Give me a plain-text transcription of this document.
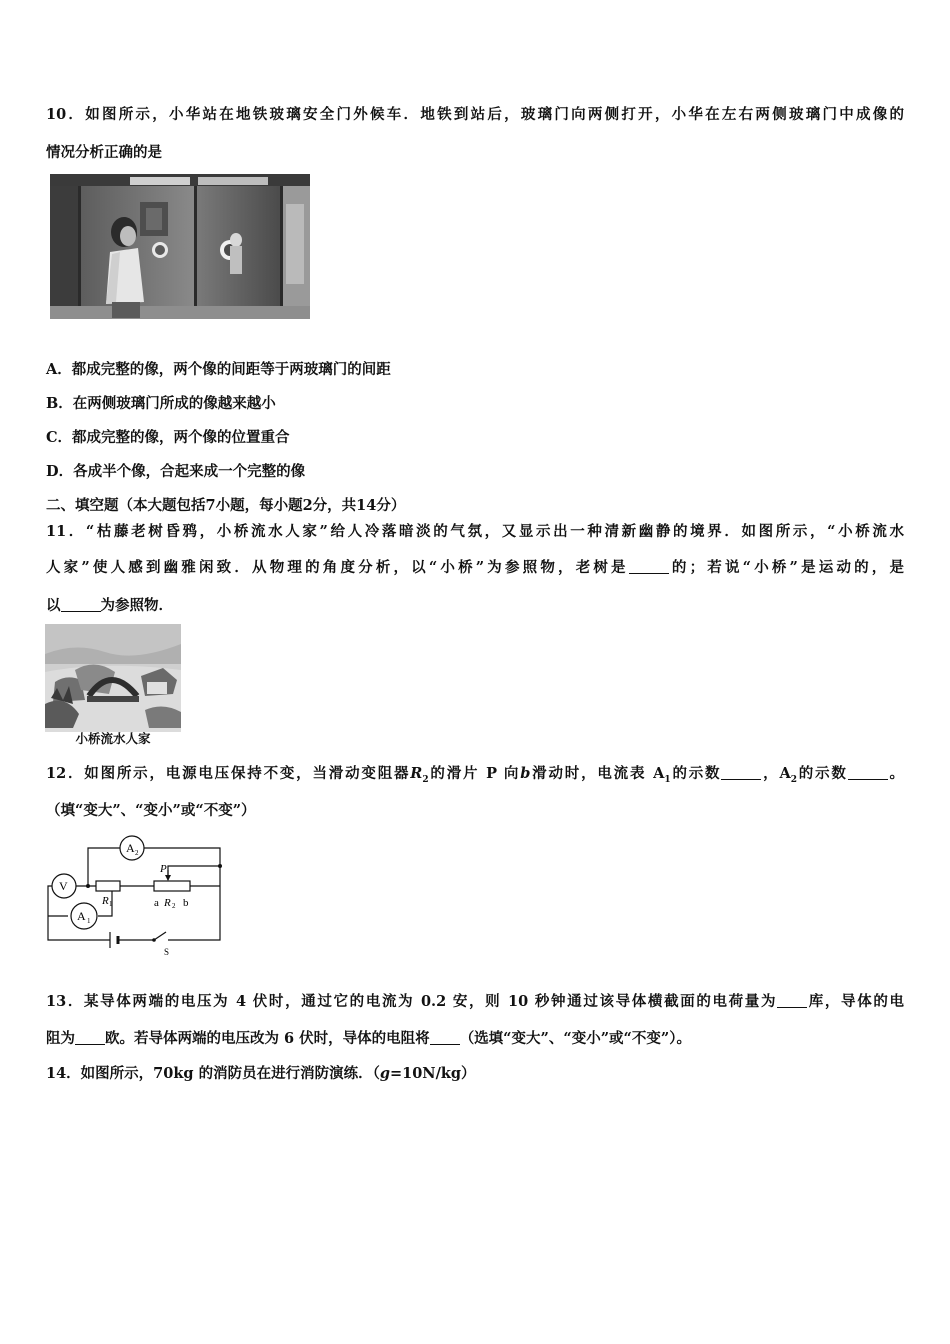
10．如图所示，小华站在地铁玻璃安全门外候车．地铁到站后，玻璃门向两侧打开，小华在左右两侧玻璃门中成像的
情况分析正确的是
A．都成完整的像，两个像的间距等于两玻璃门的间距
B．在两侧玻璃门所成的像越来越小
C．都成完整的像，两个像的位置重合
D．各成半个像，合起来成一个完整的像
二、填空题（本大题包括7小题，每小题2分，共14分）
11．“枯藤老树昏鸦，小桥流水人家”给人冷落暗淡的气氛，又显示出一种清新幽静的境界．如图所示，“小桥流水
人家”使人感到幽雅闲致．从物理的角度分析，以“小桥”为参照物，老树是	的；若说“小桥”是运动的，是
以	为参照物．
小桥流水人家
12．如图所示，电源电压保持不变，当滑动变阻器$R_2$的滑片 P 向b滑动时，电流表 $A_1$的示数	，$A_2$的示数	。
（填“变大”、“变小”或“不变”）
A 2
V
A 1
R 1
P
a R 2 b
S
13．某导体两端的电压为 4 伏时，通过它的电流为 0.2 安，则 10 秒钟通过该导体横截面的电荷量为 库，导体的电
阻为 欧。若导体两端的电压改为 6 伏时，导体的电阻将 （选填“变大”、“变小”或“不变”）。
14．如图所示，70kg 的消防员在进行消防演练．（g=10N/kg）
